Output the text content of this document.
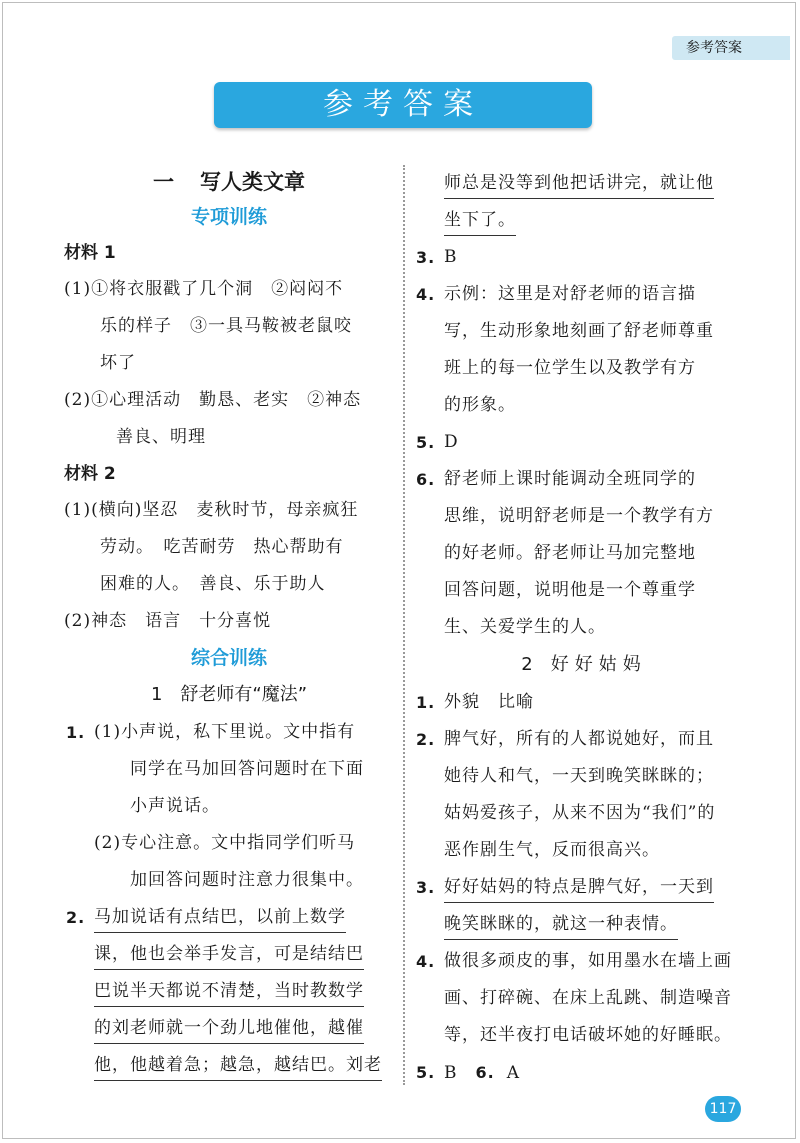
参考答案
参考答案
一 写人类文章
专项训练
材料 1
(1)①将衣服戳了几个洞　②闷闷不
乐的样子　③一具马鞍被老鼠咬
坏了
(2)①心理活动　勤恳、老实　②神态
善良、明理
材料 2
(1)(横向)坚忍　麦秋时节，母亲疯狂
劳动。　吃苦耐劳　热心帮助有
困难的人。　善良、乐于助人
(2)神态　语言　十分喜悦
综合训练
1 舒老师有“魔法”
1. (1)小声说，私下里说。文中指有
同学在马加回答问题时在下面
小声说话。
(2)专心注意。文中指同学们听马
加回答问题时注意力很集中。
2. 马加说话有点结巴，以前上数学
课，他也会举手发言，可是结结巴
巴说半天都说不清楚，当时教数学
的刘老师就一个劲儿地催他，越催
他，他越着急；越急，越结巴。刘老
师总是没等到他把话讲完，就让他
坐下了。
3. B
4. 示例：这里是对舒老师的语言描
写，生动形象地刻画了舒老师尊重
班上的每一位学生以及教学有方
的形象。
5. D
6. 舒老师上课时能调动全班同学的
思维，说明舒老师是一个教学有方
的好老师。舒老师让马加完整地
回答问题，说明他是一个尊重学
生、关爱学生的人。
2 好好姑妈
1. 外貌　比喻
2. 脾气好，所有的人都说她好，而且
她待人和气，一天到晚笑眯眯的；
姑妈爱孩子，从来不因为“我们”的
恶作剧生气，反而很高兴。
3. 好好姑妈的特点是脾气好，一天到
晚笑眯眯的，就这一种表情。
4. 做很多顽皮的事，如用墨水在墙上画
画、打碎碗、在床上乱跳、制造噪音
等，还半夜打电话破坏她的好睡眠。
5. B 6. A
117
